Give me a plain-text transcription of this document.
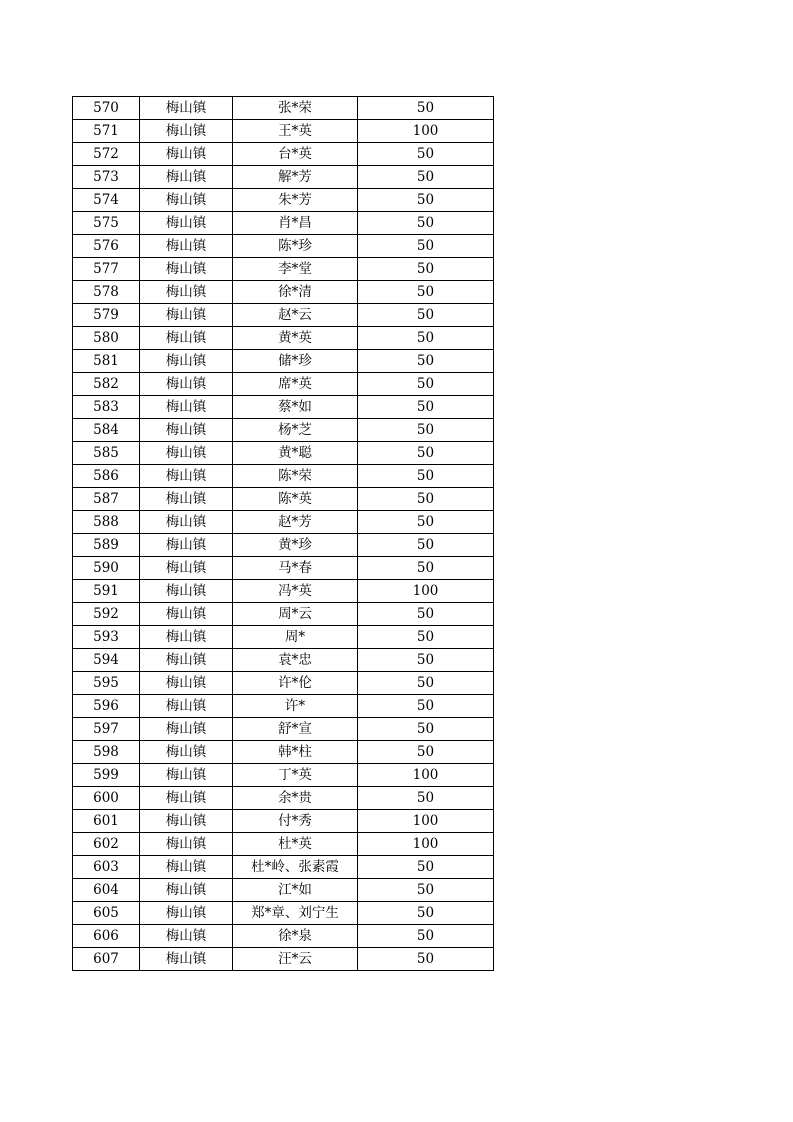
570	梅山镇	张*荣	50
571	梅山镇	王*英	100
572	梅山镇	台*英	50
573	梅山镇	解*芳	50
574	梅山镇	朱*芳	50
575	梅山镇	肖*昌	50
576	梅山镇	陈*珍	50
577	梅山镇	李*堂	50
578	梅山镇	徐*清	50
579	梅山镇	赵*云	50
580	梅山镇	黄*英	50
581	梅山镇	储*珍	50
582	梅山镇	席*英	50
583	梅山镇	蔡*如	50
584	梅山镇	杨*芝	50
585	梅山镇	黄*聪	50
586	梅山镇	陈*荣	50
587	梅山镇	陈*英	50
588	梅山镇	赵*芳	50
589	梅山镇	黄*珍	50
590	梅山镇	马*春	50
591	梅山镇	冯*英	100
592	梅山镇	周*云	50
593	梅山镇	周*	50
594	梅山镇	袁*忠	50
595	梅山镇	许*伦	50
596	梅山镇	许*	50
597	梅山镇	舒*宣	50
598	梅山镇	韩*柱	50
599	梅山镇	丁*英	100
600	梅山镇	余*贵	50
601	梅山镇	付*秀	100
602	梅山镇	杜*英	100
603	梅山镇	杜*岭、张素霞	50
604	梅山镇	江*如	50
605	梅山镇	郑*章、刘宁生	50
606	梅山镇	徐*泉	50
607	梅山镇	汪*云	50
